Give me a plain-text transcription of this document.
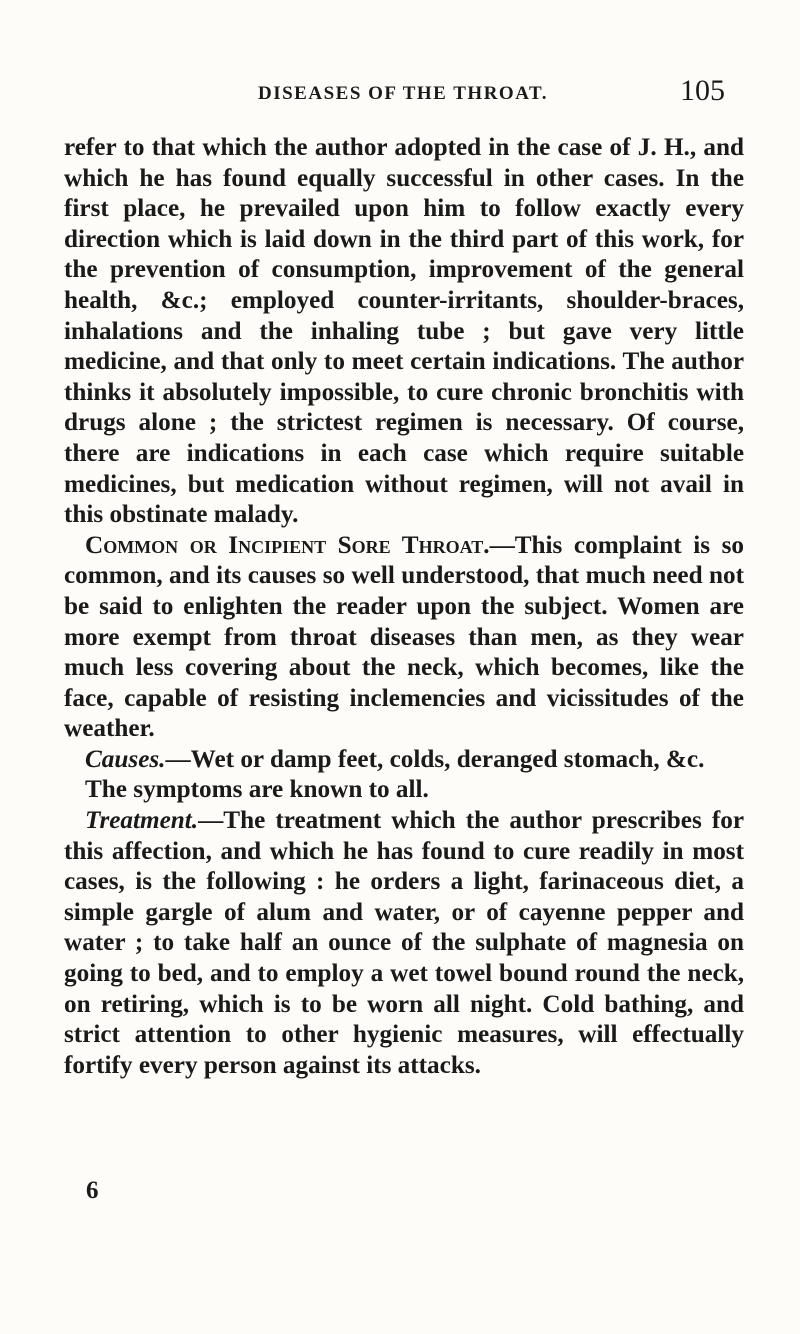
DISEASES OF THE THROAT.	105

refer to that which the author adopted in the case of J. H., and which he has found equally successful in other cases. In the first place, he prevailed upon him to follow exactly every direction which is laid down in the third part of this work, for the prevention of consumption, improvement of the general health, &c.; employed counter-irritants, shoulder-braces, inhalations and the inhaling tube ; but gave very little medicine, and that only to meet certain indications. The author thinks it absolutely impossible, to cure chronic bronchitis with drugs alone ; the strictest regimen is necessary. Of course, there are indications in each case which require suitable medicines, but medication without regimen, will not avail in this obstinate malady.

Common or Incipient Sore Throat.—This complaint is so common, and its causes so well understood, that much need not be said to enlighten the reader upon the subject. Women are more exempt from throat diseases than men, as they wear much less covering about the neck, which becomes, like the face, capable of resisting inclemencies and vicissitudes of the weather.

Causes.—Wet or damp feet, colds, deranged stomach, &c.

The symptoms are known to all.

Treatment.—The treatment which the author prescribes for this affection, and which he has found to cure readily in most cases, is the following : he orders a light, farinaceous diet, a simple gargle of alum and water, or of cayenne pepper and water ; to take half an ounce of the sulphate of magnesia on going to bed, and to employ a wet towel bound round the neck, on retiring, which is to be worn all night. Cold bathing, and strict attention to other hygienic measures, will effectually fortify every person against its attacks.

6
